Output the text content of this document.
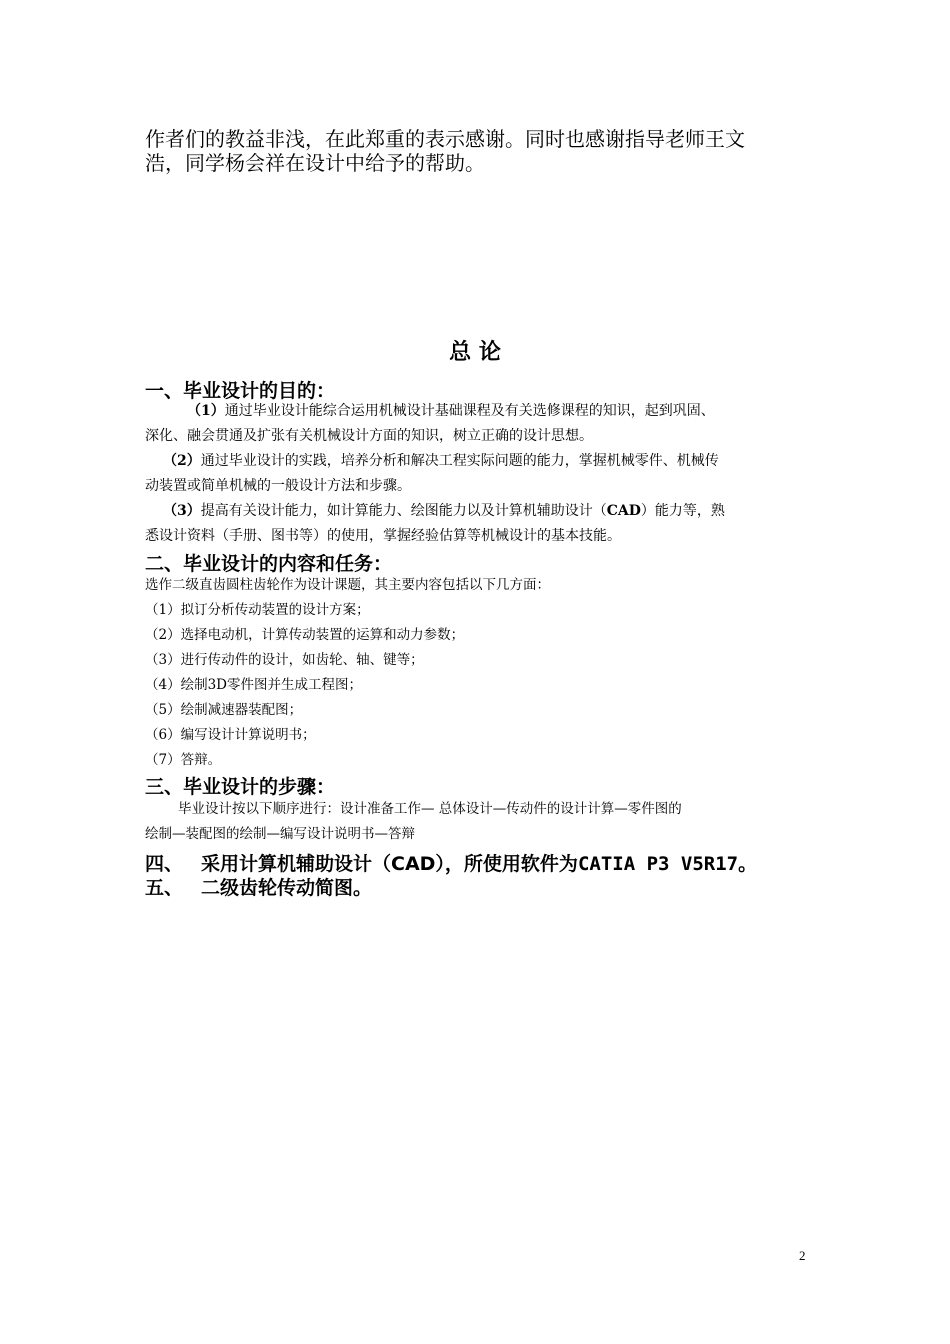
作者们的教益非浅，在此郑重的表示感谢。同时也感谢指导老师王文
浩，同学杨会祥在设计中给予的帮助。
总 论
一、毕业设计的目的：
（1）通过毕业设计能综合运用机械设计基础课程及有关选修课程的知识，起到巩固、
深化、融会贯通及扩张有关机械设计方面的知识，树立正确的设计思想。
（2）通过毕业设计的实践，培养分析和解决工程实际问题的能力，掌握机械零件、机械传
动装置或简单机械的一般设计方法和步骤。
（3）提高有关设计能力，如计算能力、绘图能力以及计算机辅助设计（CAD）能力等，熟
悉设计资料（手册、图书等）的使用，掌握经验估算等机械设计的基本技能。
二、毕业设计的内容和任务：
选作二级直齿圆柱齿轮作为设计课题，其主要内容包括以下几方面：
（1）拟订分析传动装置的设计方案；
（2）选择电动机，计算传动装置的运算和动力参数；
（3）进行传动件的设计，如齿轮、轴、键等；
（4）绘制3D零件图并生成工程图；
（5）绘制减速器装配图；
（6）编写设计计算说明书；
（7）答辩。
三、毕业设计的步骤：
毕业设计按以下顺序进行：设计准备工作— 总体设计—传动件的设计计算—零件图的
绘制—装配图的绘制—编写设计说明书—答辩
四、 采用计算机辅助设计（CAD），所使用软件为CATIA P3 V5R17。
五、 二级齿轮传动简图。
2
